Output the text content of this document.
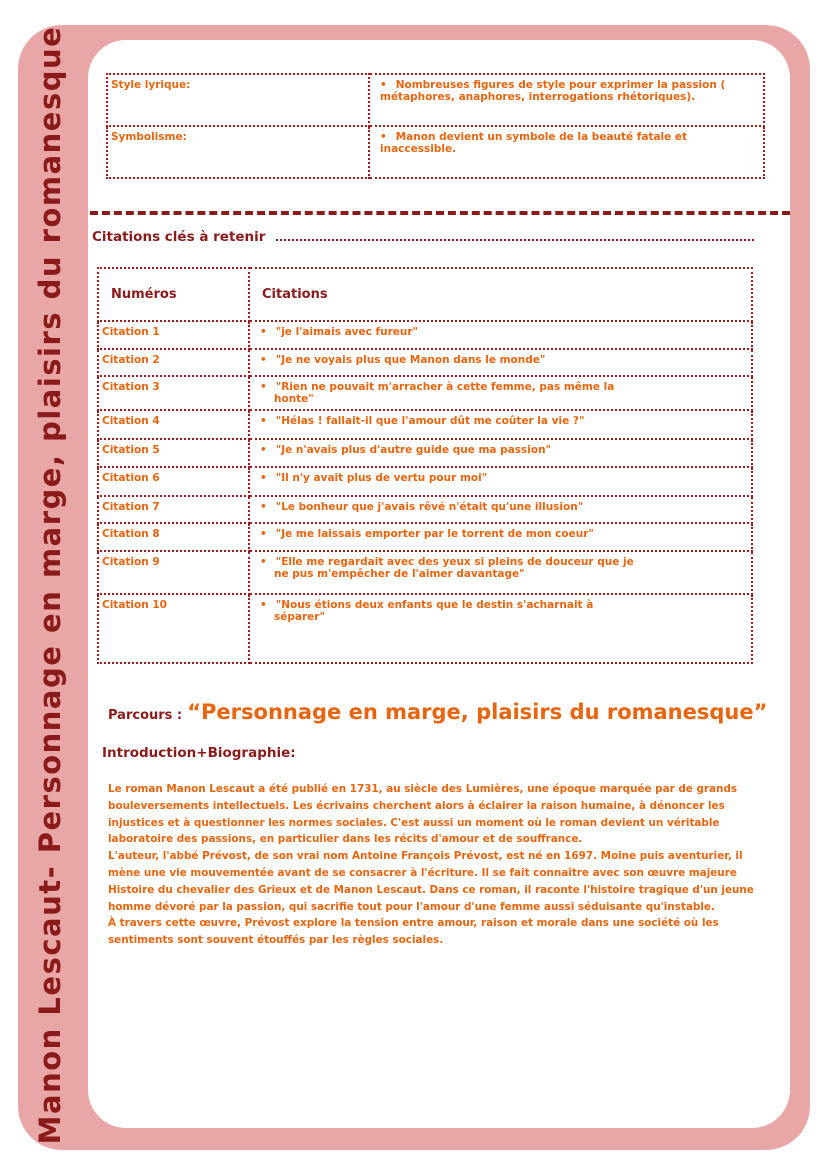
Manon Lescaut- Personnage en marge, plaisirs du romanesque	Style lyrique:	• Nombreuses figures de style pour exprimer la passion ( métaphores, anaphores, interrogations rhétoriques).
Symbolisme:	• Manon devient un symbole de la beauté fatale et inaccessible.
Citations clés à retenir
Numéros	Citations
Citation 1	• "je l'aimais avec fureur"

Citation 2	• "Je ne voyais plus que Manon dans le monde"

Citation 3	• "Rien ne pouvait m'arracher à cette femme, pas même la honte"

Citation 4	• "Hélas ! fallait-il que l'amour dût me coûter la vie ?"

Citation 5	• "Je n'avais plus d'autre guide que ma passion"

Citation 6	• "Il n'y avait plus de vertu pour moi"

Citation 7	• "Le bonheur que j'avais rêvé n'était qu'une illusion"

Citation 8	• "Je me laissais emporter par le torrent de mon coeur"

Citation 9	• "Elle me regardait avec des yeux si pleins de douceur que je ne pus m'empêcher de l'aimer davantage"

Citation 10	• "Nous étions deux enfants que le destin s'acharnait à séparer"
Parcours : “Personnage en marge, plaisirs du romanesque”
Introduction+Biographie:
Le roman Manon Lescaut a été publié en 1731, au siècle des Lumières, une époque marquée par de grands bouleversements intellectuels. Les écrivains cherchent alors à éclairer la raison humaine, à dénoncer les injustices et à questionner les normes sociales. C'est aussi un moment où le roman devient un véritable laboratoire des passions, en particulier dans les récits d'amour et de souffrance.
L'auteur, l'abbé Prévost, de son vrai nom Antoine François Prévost, est né en 1697. Moine puis aventurier, il mène une vie mouvementée avant de se consacrer à l'écriture. Il se fait connaître avec son œuvre majeure Histoire du chevalier des Grieux et de Manon Lescaut. Dans ce roman, il raconte l'histoire tragique d'un jeune homme dévoré par la passion, qui sacrifie tout pour l'amour d'une femme aussi séduisante qu'instable.
À travers cette œuvre, Prévost explore la tension entre amour, raison et morale dans une société où les sentiments sont souvent étouffés par les règles sociales.
